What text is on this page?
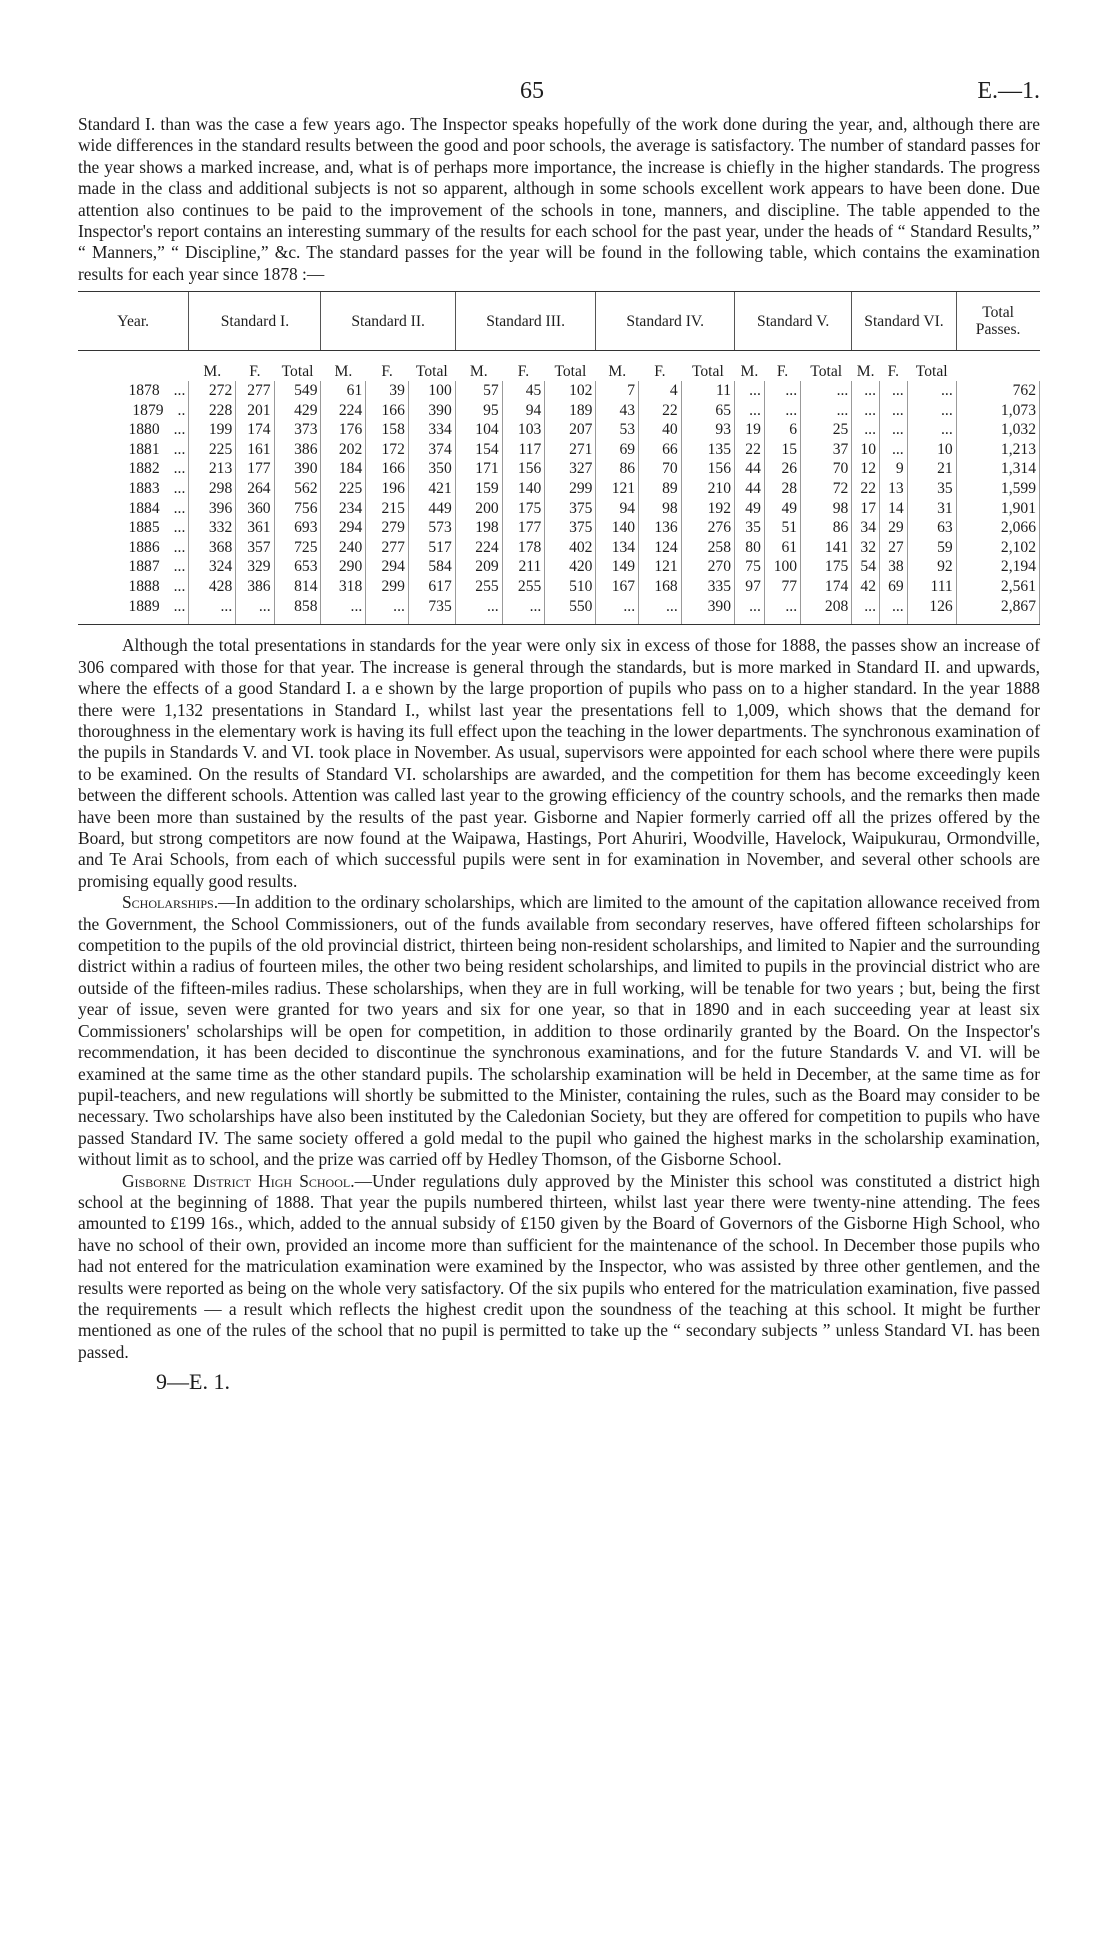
65	E.—1.

Standard I. than was the case a few years ago. The Inspector speaks hopefully of the work done during the year, and, although there are wide differences in the standard results between the good and poor schools, the average is satisfactory. The number of standard passes for the year shows a marked increase, and, what is of perhaps more importance, the increase is chiefly in the higher standards. The progress made in the class and additional subjects is not so apparent, although in some schools excellent work appears to have been done. Due attention also continues to be paid to the improvement of the schools in tone, manners, and discipline. The table appended to the Inspector's report contains an interesting summary of the results for each school for the past year, under the heads of “ Standard Results,” “ Manners,” “ Discipline,” &c. The standard passes for the year will be found in the following table, which contains the examination results for each year since 1878 :—

Year.	Standard I.			Standard II.			Standard III.			Standard IV.			Standard V.			Standard VI.			Total Passes.
	M.	F.	Total	M.	F.	Total	M.	F.	Total	M.	F.	Total	M.	F.	Total	M.	F.	Total	
1878 ...	272	277	549	61	39	100	57	45	102	7	4	11	...	...	...	...	...	...	762
1879 ..	228	201	429	224	166	390	95	94	189	43	22	65	...	...	...	...	...	...	1,073
1880 ...	199	174	373	176	158	334	104	103	207	53	40	93	19	6	25	...	...	...	1,032
1881 ...	225	161	386	202	172	374	154	117	271	69	66	135	22	15	37	10	...	10	1,213
1882 ...	213	177	390	184	166	350	171	156	327	86	70	156	44	26	70	12	9	21	1,314
1883 ...	298	264	562	225	196	421	159	140	299	121	89	210	44	28	72	22	13	35	1,599
1884 ...	396	360	756	234	215	449	200	175	375	94	98	192	49	49	98	17	14	31	1,901
1885 ...	332	361	693	294	279	573	198	177	375	140	136	276	35	51	86	34	29	63	2,066
1886 ...	368	357	725	240	277	517	224	178	402	134	124	258	80	61	141	32	27	59	2,102
1887 ...	324	329	653	290	294	584	209	211	420	149	121	270	75	100	175	54	38	92	2,194
1888 ...	428	386	814	318	299	617	255	255	510	167	168	335	97	77	174	42	69	111	2,561
1889 ...	...	...	858	...	...	735	...	...	550	...	...	390	...	...	208	...	...	126	2,867

Although the total presentations in standards for the year were only six in excess of those for 1888, the passes show an increase of 306 compared with those for that year. The increase is general through the standards, but is more marked in Standard II. and upwards, where the effects of a good Standard I. a e shown by the large proportion of pupils who pass on to a higher standard. In the year 1888 there were 1,132 presentations in Standard I., whilst last year the presentations fell to 1,009, which shows that the demand for thoroughness in the elementary work is having its full effect upon the teaching in the lower departments. The synchronous examination of the pupils in Standards V. and VI. took place in November. As usual, supervisors were appointed for each school where there were pupils to be examined. On the results of Standard VI. scholarships are awarded, and the competition for them has become exceedingly keen between the different schools. Attention was called last year to the growing efficiency of the country schools, and the remarks then made have been more than sustained by the results of the past year. Gisborne and Napier formerly carried off all the prizes offered by the Board, but strong competitors are now found at the Waipawa, Hastings, Port Ahuriri, Woodville, Havelock, Waipukurau, Ormondville, and Te Arai Schools, from each of which successful pupils were sent in for examination in November, and several other schools are promising equally good results.

Scholarships.—In addition to the ordinary scholarships, which are limited to the amount of the capitation allowance received from the Government, the School Commissioners, out of the funds available from secondary reserves, have offered fifteen scholarships for competition to the pupils of the old provincial district, thirteen being non-resident scholarships, and limited to Napier and the surrounding district within a radius of fourteen miles, the other two being resident scholarships, and limited to pupils in the provincial district who are outside of the fifteen-miles radius. These scholarships, when they are in full working, will be tenable for two years ; but, being the first year of issue, seven were granted for two years and six for one year, so that in 1890 and in each succeeding year at least six Commissioners' scholarships will be open for competition, in addition to those ordinarily granted by the Board. On the Inspector's recommendation, it has been decided to discontinue the synchronous examinations, and for the future Standards V. and VI. will be examined at the same time as the other standard pupils. The scholarship examination will be held in December, at the same time as for pupil-teachers, and new regulations will shortly be submitted to the Minister, containing the rules, such as the Board may consider to be necessary. Two scholarships have also been instituted by the Caledonian Society, but they are offered for competition to pupils who have passed Standard IV. The same society offered a gold medal to the pupil who gained the highest marks in the scholarship examination, without limit as to school, and the prize was carried off by Hedley Thomson, of the Gisborne School.

Gisborne District High School.—Under regulations duly approved by the Minister this school was constituted a district high school at the beginning of 1888. That year the pupils numbered thirteen, whilst last year there were twenty-nine attending. The fees amounted to £199 16s., which, added to the annual subsidy of £150 given by the Board of Governors of the Gisborne High School, who have no school of their own, provided an income more than sufficient for the maintenance of the school. In December those pupils who had not entered for the matriculation examination were examined by the Inspector, who was assisted by three other gentlemen, and the results were reported as being on the whole very satisfactory. Of the six pupils who entered for the matriculation examination, five passed the requirements — a result which reflects the highest credit upon the soundness of the teaching at this school. It might be further mentioned as one of the rules of the school that no pupil is permitted to take up the “ secondary subjects ” unless Standard VI. has been passed.

9—E. 1.
